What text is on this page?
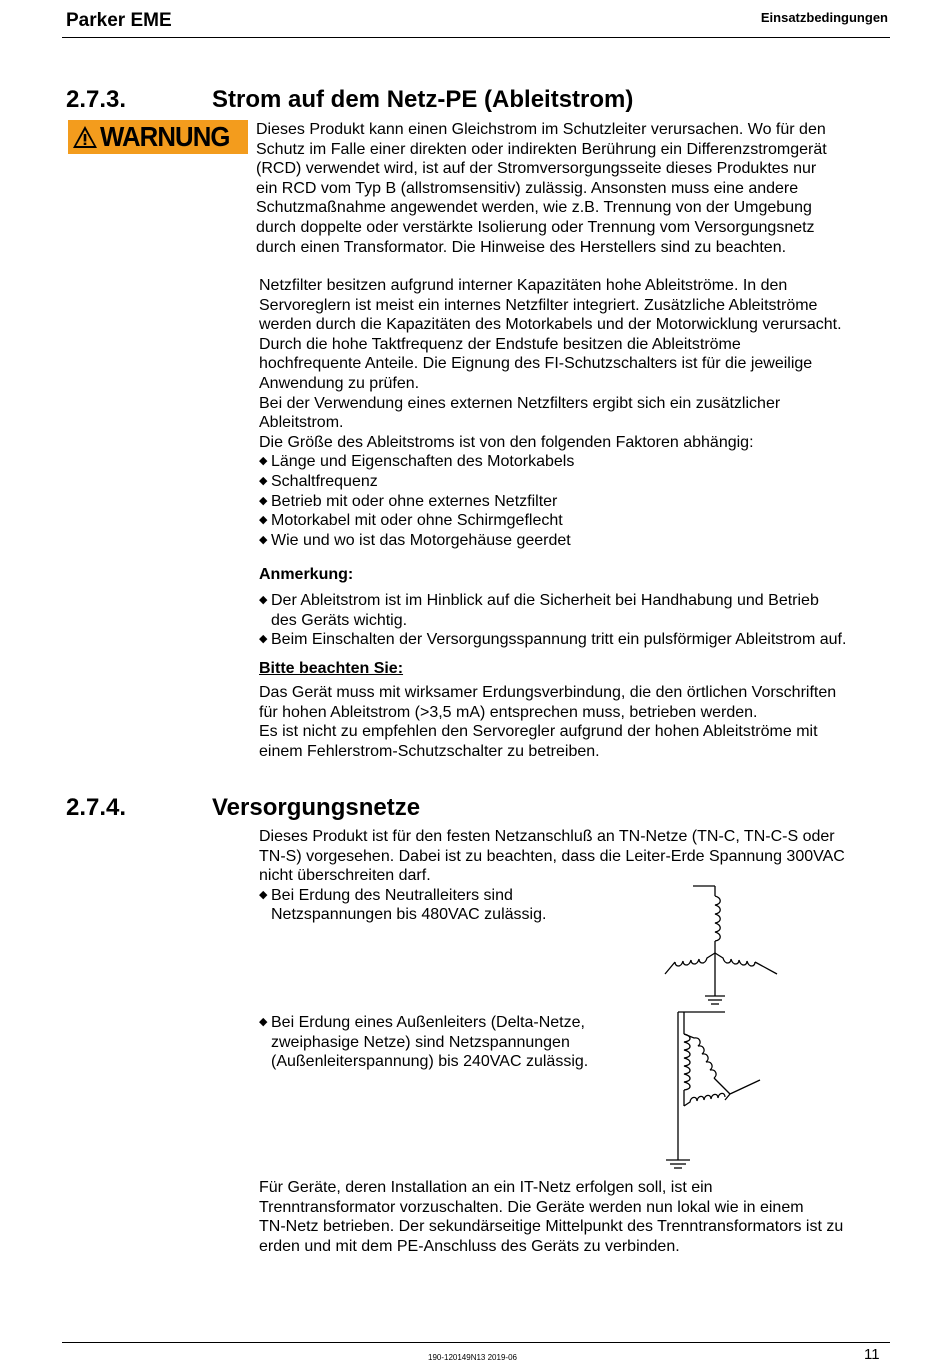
Parker EME	Einsatzbedingungen
2.7.3.	Strom auf dem Netz-PE (Ableitstrom)
WARNUNG Dieses Produkt kann einen Gleichstrom im Schutzleiter verursachen. Wo für den

Schutz im Falle einer direkten oder indirekten Berührung ein Differenzstromgerät

(RCD) verwendet wird, ist auf der Stromversorgungsseite dieses Produktes nur

ein RCD vom Typ B (allstromsensitiv) zulässig. Ansonsten muss eine andere

Schutzmaßnahme angewendet werden, wie z.B. Trennung von der Umgebung

durch doppelte oder verstärkte Isolierung oder Trennung vom Versorgungsnetz

durch einen Transformator. Die Hinweise des Herstellers sind zu beachten.

Netzfilter besitzen aufgrund interner Kapazitäten hohe Ableitströme. In den

Servoreglern ist meist ein internes Netzfilter integriert. Zusätzliche Ableitströme

werden durch die Kapazitäten des Motorkabels und der Motorwicklung verursacht.

Durch die hohe Taktfrequenz der Endstufe besitzen die Ableitströme

hochfrequente Anteile. Die Eignung des FI-Schutzschalters ist für die jeweilige

Anwendung zu prüfen.

Bei der Verwendung eines externen Netzfilters ergibt sich ein zusätzlicher

Ableitstrom.

Die Größe des Ableitstroms ist von den folgenden Faktoren abhängig:

◆ Länge und Eigenschaften des Motorkabels
◆ Schaltfrequenz
◆ Betrieb mit oder ohne externes Netzfilter
◆ Motorkabel mit oder ohne Schirmgeflecht
◆ Wie und wo ist das Motorgehäuse geerdet
Anmerkung:
◆ Der Ableitstrom ist im Hinblick auf die Sicherheit bei Handhabung und Betrieb

des Geräts wichtig.

◆ Beim Einschalten der Versorgungsspannung tritt ein pulsförmiger Ableitstrom auf.

Bitte beachten Sie:

Das Gerät muss mit wirksamer Erdungsverbindung, die den örtlichen Vorschriften

für hohen Ableitstrom (>3,5 mA) entsprechen muss, betrieben werden.

Es ist nicht zu empfehlen den Servoregler aufgrund der hohen Ableitströme mit

einem Fehlerstrom-Schutzschalter zu betreiben.

2.7.4.	Versorgungsnetze

Dieses Produkt ist für den festen Netzanschluß an TN-Netze (TN-C, TN-C-S oder

TN-S) vorgesehen. Dabei ist zu beachten, dass die Leiter-Erde Spannung 300VAC

nicht überschreiten darf.

◆ Bei Erdung des Neutralleiters sind

Netzspannungen bis 480VAC zulässig.

◆ Bei Erdung eines Außenleiters (Delta-Netze,

zweiphasige Netze) sind Netzspannungen

(Außenleiterspannung) bis 240VAC zulässig.

Für Geräte, deren Installation an ein IT-Netz erfolgen soll, ist ein

Trenntransformator vorzuschalten. Die Geräte werden nun lokal wie in einem

TN-Netz betrieben. Der sekundärseitige Mittelpunkt des Trenntransformators ist zu

erden und mit dem PE-Anschluss des Geräts zu verbinden.

190-120149N13 2019-06	11
